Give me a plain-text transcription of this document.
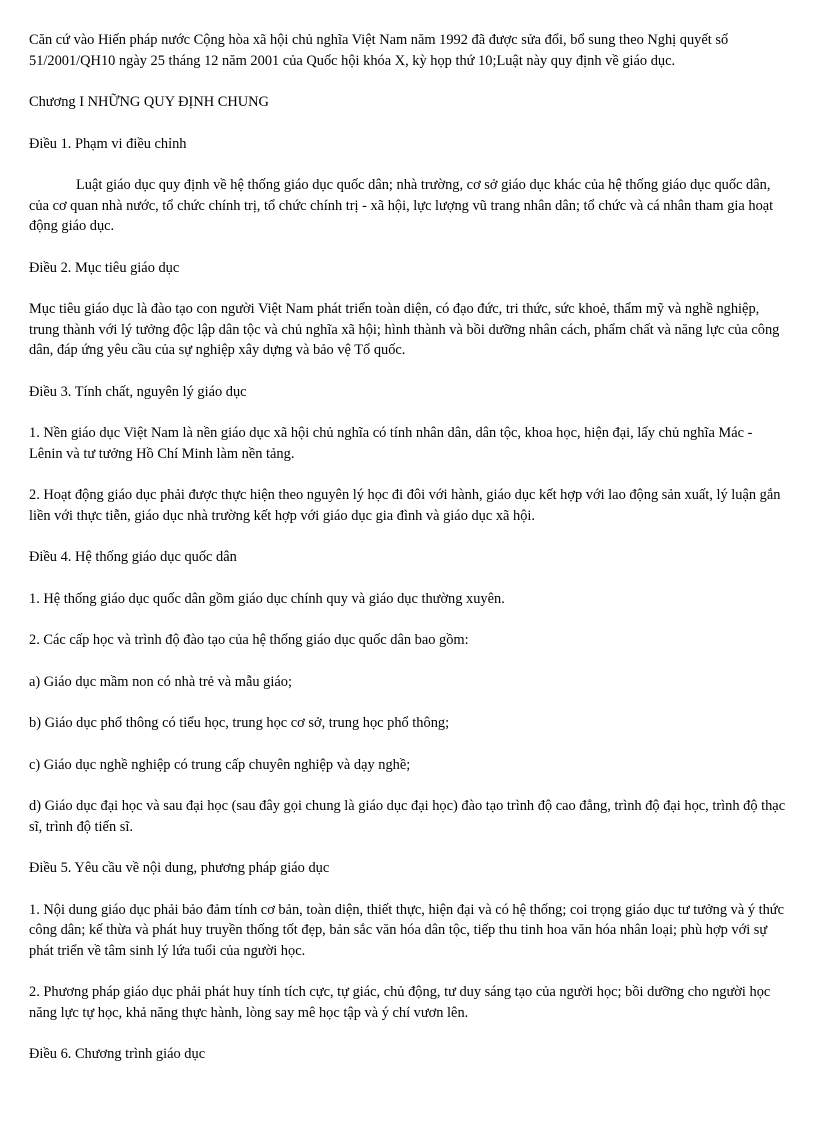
Căn cứ vào Hiến pháp nước Cộng hòa xã hội chủ nghĩa Việt Nam năm 1992 đã được sửa đổi, bổ sung theo Nghị quyết số 51/2001/QH10 ngày 25 tháng 12 năm 2001 của Quốc hội khóa X, kỳ họp thứ 10;Luật này quy định về giáo dục.

Chương I NHỮNG QUY ĐỊNH CHUNG

Điều 1. Phạm vi điều chỉnh

Luật giáo dục quy định về hệ thống giáo dục quốc dân; nhà trường, cơ sở giáo dục khác của hệ thống giáo dục quốc dân, của cơ quan nhà nước, tổ chức chính trị, tổ chức chính trị - xã hội, lực lượng vũ trang nhân dân; tổ chức và cá nhân tham gia hoạt động giáo dục.

Điều 2. Mục tiêu giáo dục

Mục tiêu giáo dục là đào tạo con người Việt Nam phát triển toàn diện, có đạo đức, tri thức, sức khoẻ, thẩm mỹ và nghề nghiệp, trung thành với lý tưởng độc lập dân tộc và chủ nghĩa xã hội; hình thành và bồi dưỡng nhân cách, phẩm chất và năng lực của công dân, đáp ứng yêu cầu của sự nghiệp xây dựng và bảo vệ Tổ quốc.

Điều 3. Tính chất, nguyên lý giáo dục

1. Nền giáo dục Việt Nam là nền giáo dục xã hội chủ nghĩa có tính nhân dân, dân tộc, khoa học, hiện đại, lấy chủ nghĩa Mác - Lênin và tư tưởng Hồ Chí Minh làm nền tảng.

2. Hoạt động giáo dục phải được thực hiện theo nguyên lý học đi đôi với hành, giáo dục kết hợp với lao động sản xuất, lý luận gắn liền với thực tiễn, giáo dục nhà trường kết hợp với giáo dục gia đình và giáo dục xã hội.

Điều 4. Hệ thống giáo dục quốc dân

1. Hệ thống giáo dục quốc dân gồm giáo dục chính quy và giáo dục thường xuyên.

2. Các cấp học và trình độ đào tạo của hệ thống giáo dục quốc dân bao gồm:

a) Giáo dục mầm non có nhà trẻ và mẫu giáo;

b) Giáo dục phổ thông có tiểu học, trung học cơ sở, trung học phổ thông;

c) Giáo dục nghề nghiệp có trung cấp chuyên nghiệp và dạy nghề;

d) Giáo dục đại học và sau đại học (sau đây gọi chung là giáo dục đại học) đào tạo trình độ cao đẳng, trình độ đại học, trình độ thạc sĩ, trình độ tiến sĩ.

Điều 5. Yêu cầu về nội dung, phương pháp giáo dục

1. Nội dung giáo dục phải bảo đảm tính cơ bản, toàn diện, thiết thực, hiện đại và có hệ thống; coi trọng giáo dục tư tưởng và ý thức công dân; kế thừa và phát huy truyền thống tốt đẹp, bản sắc văn hóa dân tộc, tiếp thu tinh hoa văn hóa nhân loại; phù hợp với sự phát triển về tâm sinh lý lứa tuổi của người học.

2. Phương pháp giáo dục phải phát huy tính tích cực, tự giác, chủ động, tư duy sáng tạo của người học; bồi dưỡng cho người học năng lực tự học, khả năng thực hành, lòng say mê học tập và ý chí vươn lên.

Điều 6. Chương trình giáo dục
